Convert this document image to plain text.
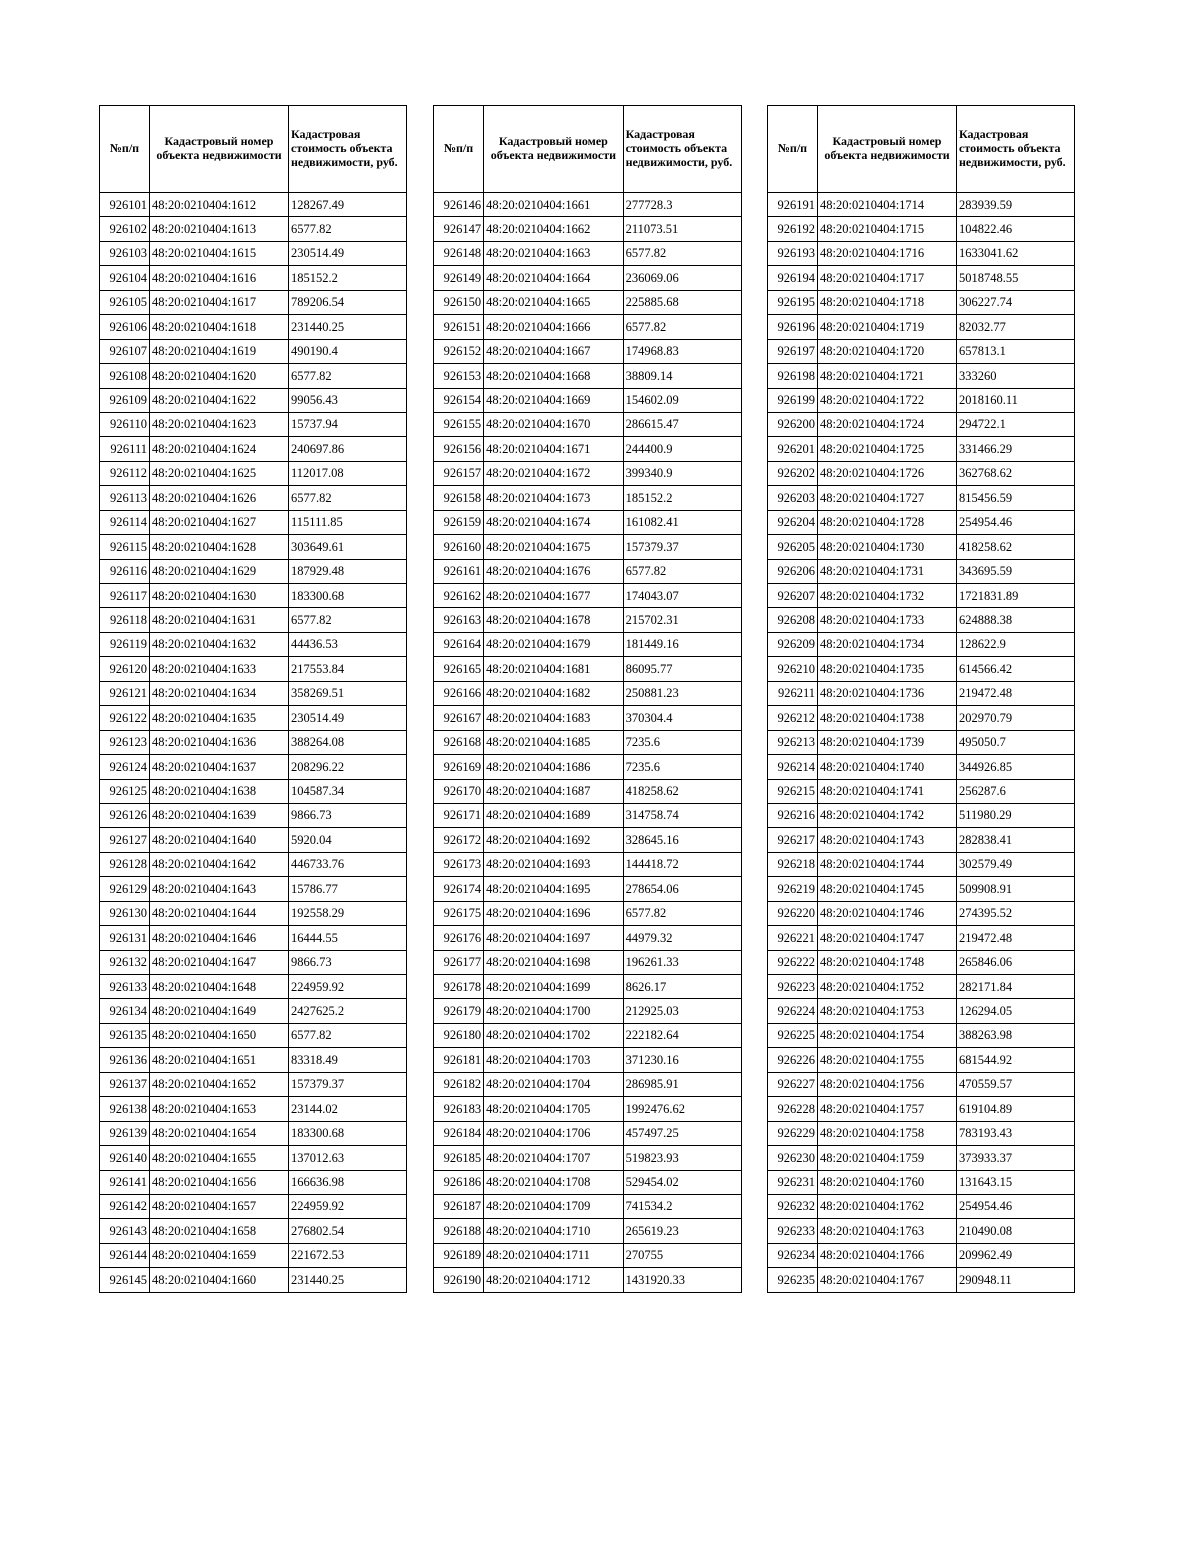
№п/п	Кадастровый номер объекта недвижимости	Кадастровая стоимость объекта недвижимости, руб.
926101	48:20:0210404:1612	128267.49
926102	48:20:0210404:1613	6577.82
926103	48:20:0210404:1615	230514.49
926104	48:20:0210404:1616	185152.2
926105	48:20:0210404:1617	789206.54
926106	48:20:0210404:1618	231440.25
926107	48:20:0210404:1619	490190.4
926108	48:20:0210404:1620	6577.82
926109	48:20:0210404:1622	99056.43
926110	48:20:0210404:1623	15737.94
926111	48:20:0210404:1624	240697.86
926112	48:20:0210404:1625	112017.08
926113	48:20:0210404:1626	6577.82
926114	48:20:0210404:1627	115111.85
926115	48:20:0210404:1628	303649.61
926116	48:20:0210404:1629	187929.48
926117	48:20:0210404:1630	183300.68
926118	48:20:0210404:1631	6577.82
926119	48:20:0210404:1632	44436.53
926120	48:20:0210404:1633	217553.84
926121	48:20:0210404:1634	358269.51
926122	48:20:0210404:1635	230514.49
926123	48:20:0210404:1636	388264.08
926124	48:20:0210404:1637	208296.22
926125	48:20:0210404:1638	104587.34
926126	48:20:0210404:1639	9866.73
926127	48:20:0210404:1640	5920.04
926128	48:20:0210404:1642	446733.76
926129	48:20:0210404:1643	15786.77
926130	48:20:0210404:1644	192558.29
926131	48:20:0210404:1646	16444.55
926132	48:20:0210404:1647	9866.73
926133	48:20:0210404:1648	224959.92
926134	48:20:0210404:1649	2427625.2
926135	48:20:0210404:1650	6577.82
926136	48:20:0210404:1651	83318.49
926137	48:20:0210404:1652	157379.37
926138	48:20:0210404:1653	23144.02
926139	48:20:0210404:1654	183300.68
926140	48:20:0210404:1655	137012.63
926141	48:20:0210404:1656	166636.98
926142	48:20:0210404:1657	224959.92
926143	48:20:0210404:1658	276802.54
926144	48:20:0210404:1659	221672.53
926145	48:20:0210404:1660	231440.25
№п/п	Кадастровый номер объекта недвижимости	Кадастровая стоимость объекта недвижимости, руб.
926146	48:20:0210404:1661	277728.3
926147	48:20:0210404:1662	211073.51
926148	48:20:0210404:1663	6577.82
926149	48:20:0210404:1664	236069.06
926150	48:20:0210404:1665	225885.68
926151	48:20:0210404:1666	6577.82
926152	48:20:0210404:1667	174968.83
926153	48:20:0210404:1668	38809.14
926154	48:20:0210404:1669	154602.09
926155	48:20:0210404:1670	286615.47
926156	48:20:0210404:1671	244400.9
926157	48:20:0210404:1672	399340.9
926158	48:20:0210404:1673	185152.2
926159	48:20:0210404:1674	161082.41
926160	48:20:0210404:1675	157379.37
926161	48:20:0210404:1676	6577.82
926162	48:20:0210404:1677	174043.07
926163	48:20:0210404:1678	215702.31
926164	48:20:0210404:1679	181449.16
926165	48:20:0210404:1681	86095.77
926166	48:20:0210404:1682	250881.23
926167	48:20:0210404:1683	370304.4
926168	48:20:0210404:1685	7235.6
926169	48:20:0210404:1686	7235.6
926170	48:20:0210404:1687	418258.62
926171	48:20:0210404:1689	314758.74
926172	48:20:0210404:1692	328645.16
926173	48:20:0210404:1693	144418.72
926174	48:20:0210404:1695	278654.06
926175	48:20:0210404:1696	6577.82
926176	48:20:0210404:1697	44979.32
926177	48:20:0210404:1698	196261.33
926178	48:20:0210404:1699	8626.17
926179	48:20:0210404:1700	212925.03
926180	48:20:0210404:1702	222182.64
926181	48:20:0210404:1703	371230.16
926182	48:20:0210404:1704	286985.91
926183	48:20:0210404:1705	1992476.62
926184	48:20:0210404:1706	457497.25
926185	48:20:0210404:1707	519823.93
926186	48:20:0210404:1708	529454.02
926187	48:20:0210404:1709	741534.2
926188	48:20:0210404:1710	265619.23
926189	48:20:0210404:1711	270755
926190	48:20:0210404:1712	1431920.33
№п/п	Кадастровый номер объекта недвижимости	Кадастровая стоимость объекта недвижимости, руб.
926191	48:20:0210404:1714	283939.59
926192	48:20:0210404:1715	104822.46
926193	48:20:0210404:1716	1633041.62
926194	48:20:0210404:1717	5018748.55
926195	48:20:0210404:1718	306227.74
926196	48:20:0210404:1719	82032.77
926197	48:20:0210404:1720	657813.1
926198	48:20:0210404:1721	333260
926199	48:20:0210404:1722	2018160.11
926200	48:20:0210404:1724	294722.1
926201	48:20:0210404:1725	331466.29
926202	48:20:0210404:1726	362768.62
926203	48:20:0210404:1727	815456.59
926204	48:20:0210404:1728	254954.46
926205	48:20:0210404:1730	418258.62
926206	48:20:0210404:1731	343695.59
926207	48:20:0210404:1732	1721831.89
926208	48:20:0210404:1733	624888.38
926209	48:20:0210404:1734	128622.9
926210	48:20:0210404:1735	614566.42
926211	48:20:0210404:1736	219472.48
926212	48:20:0210404:1738	202970.79
926213	48:20:0210404:1739	495050.7
926214	48:20:0210404:1740	344926.85
926215	48:20:0210404:1741	256287.6
926216	48:20:0210404:1742	511980.29
926217	48:20:0210404:1743	282838.41
926218	48:20:0210404:1744	302579.49
926219	48:20:0210404:1745	509908.91
926220	48:20:0210404:1746	274395.52
926221	48:20:0210404:1747	219472.48
926222	48:20:0210404:1748	265846.06
926223	48:20:0210404:1752	282171.84
926224	48:20:0210404:1753	126294.05
926225	48:20:0210404:1754	388263.98
926226	48:20:0210404:1755	681544.92
926227	48:20:0210404:1756	470559.57
926228	48:20:0210404:1757	619104.89
926229	48:20:0210404:1758	783193.43
926230	48:20:0210404:1759	373933.37
926231	48:20:0210404:1760	131643.15
926232	48:20:0210404:1762	254954.46
926233	48:20:0210404:1763	210490.08
926234	48:20:0210404:1766	209962.49
926235	48:20:0210404:1767	290948.11
